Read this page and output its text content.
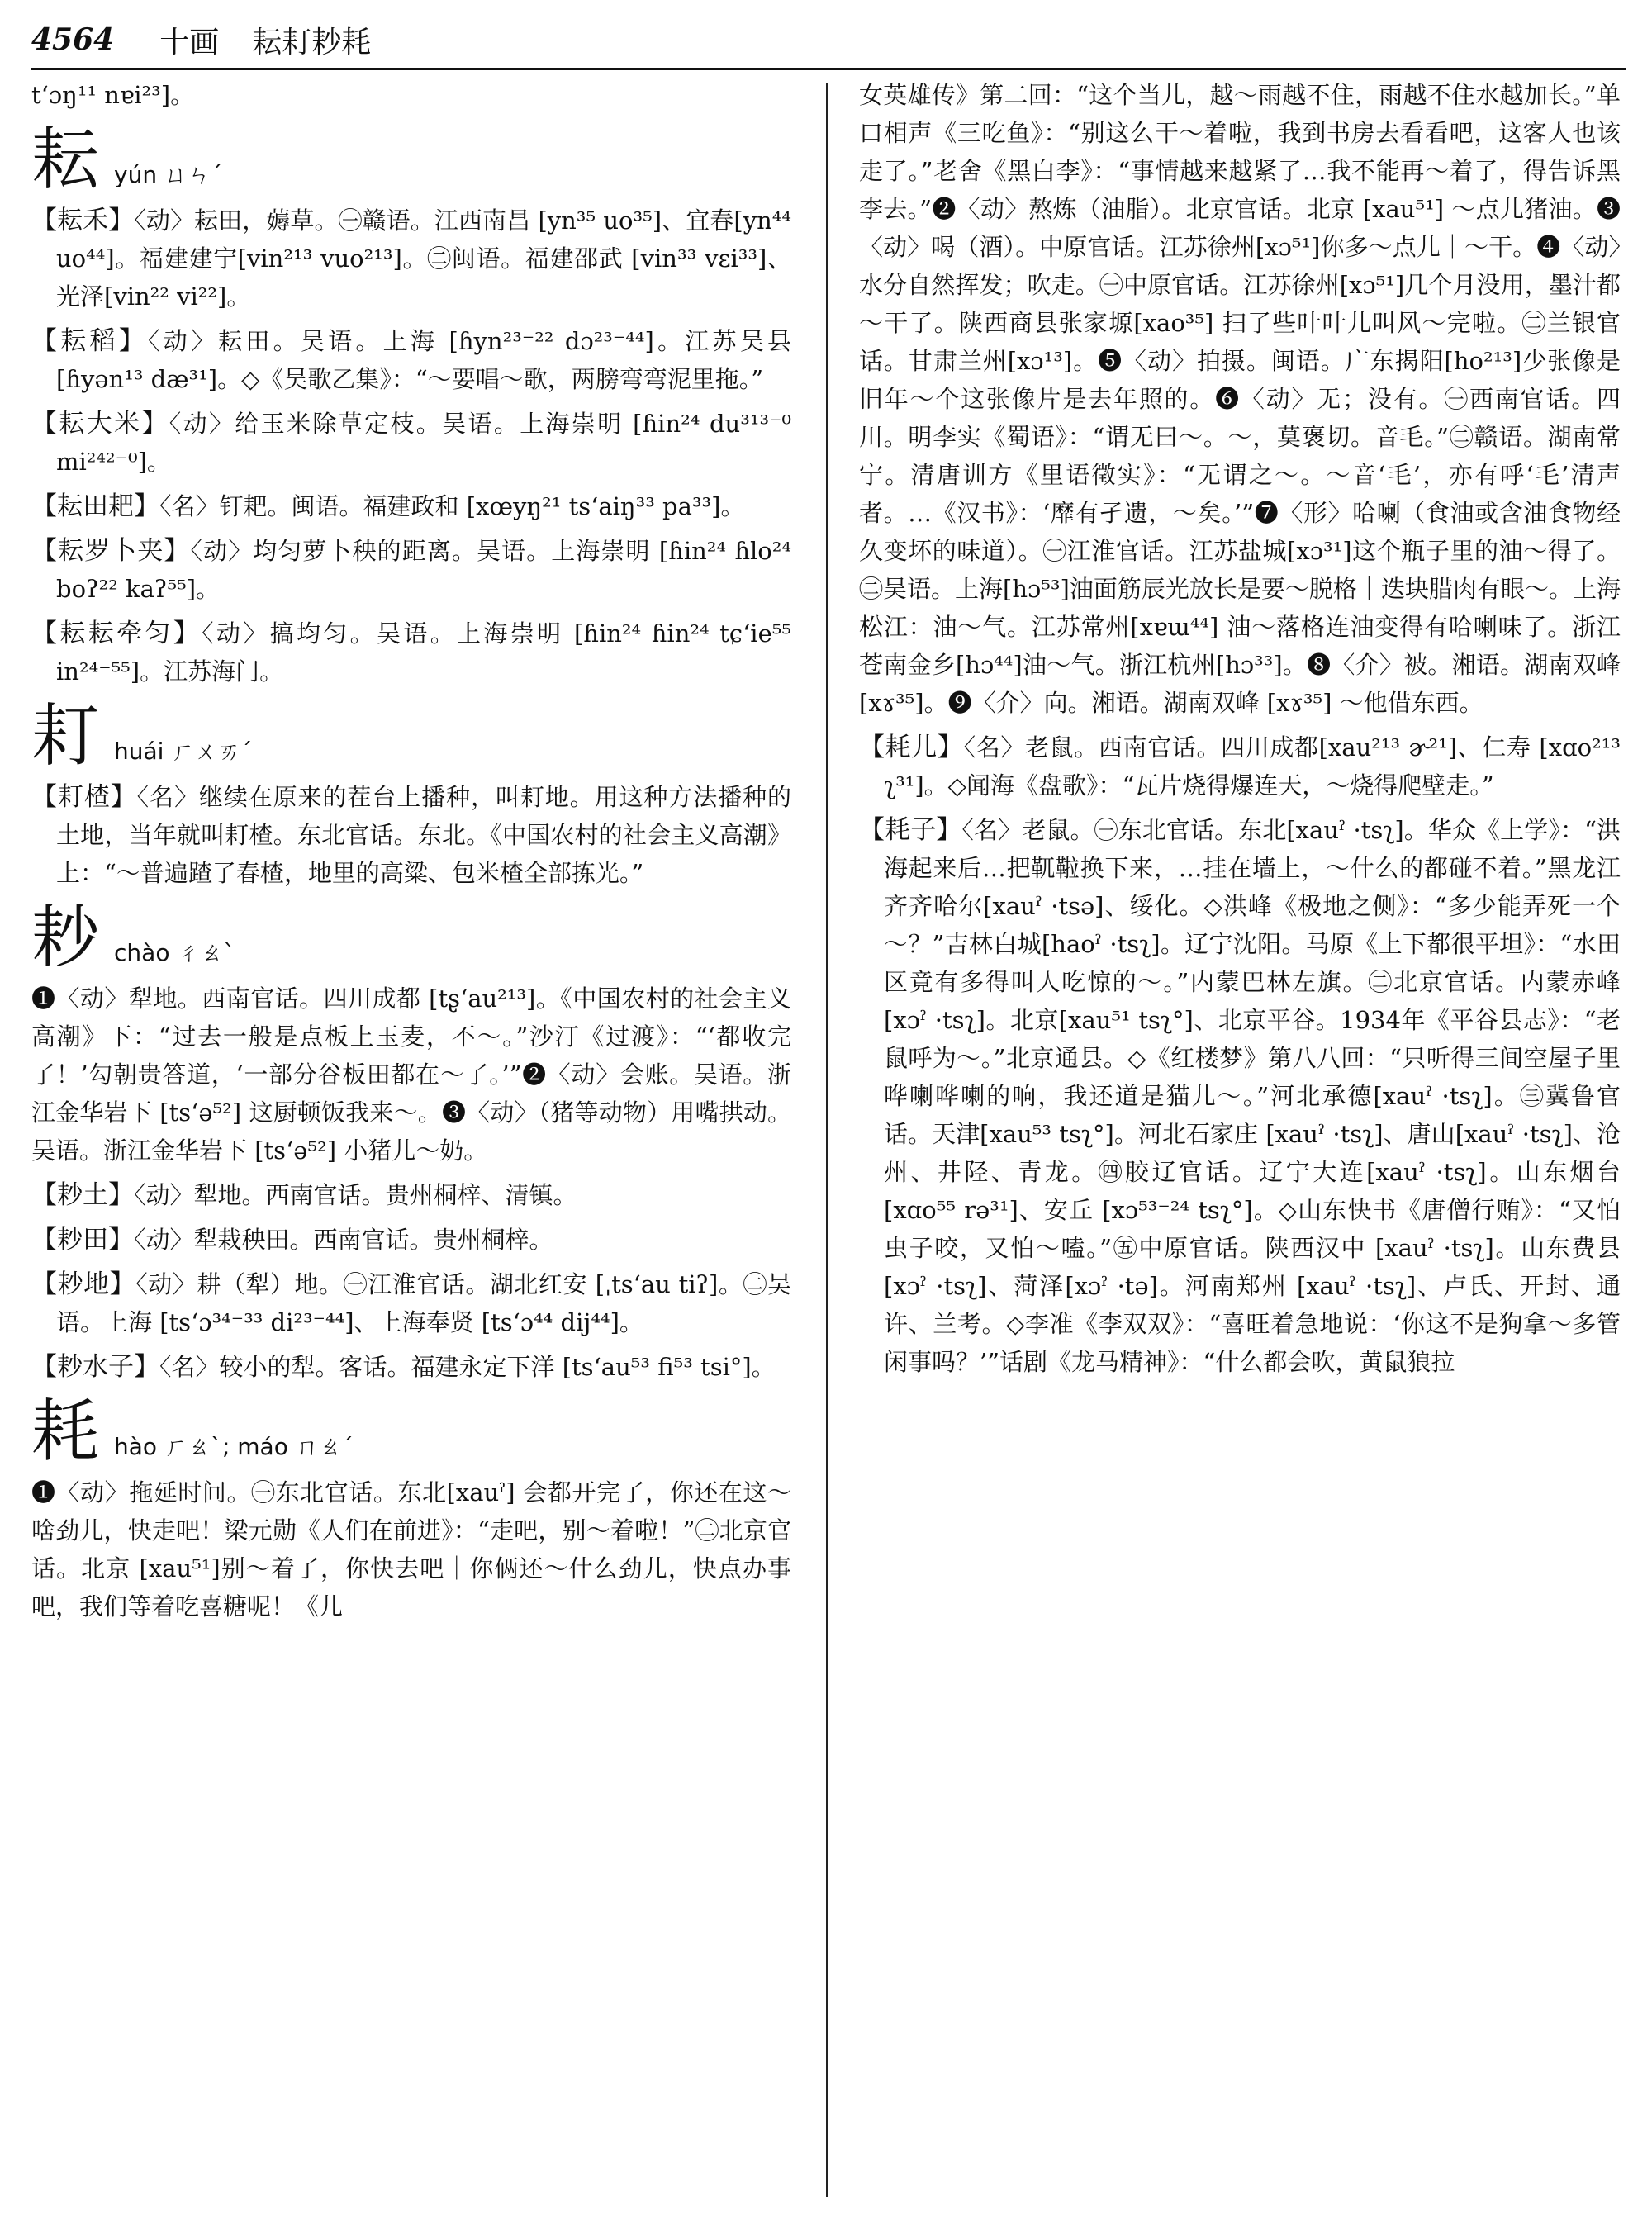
4564 十画 耘耓耖耗
t‘ɔŋ¹¹ nɐi²³]。
耘 yún ㄩㄣˊ
【耘禾】〈动〉耘田，薅草。㊀赣语。江西南昌 [yn³⁵ uo³⁵]、宜春[yn⁴⁴ uo⁴⁴]。福建建宁[vin²¹³ vuo²¹³]。㊁闽语。福建邵武 [vin³³ vɛi³³]、光泽[vin²² vi²²]。
【耘稻】〈动〉耘田。吴语。上海 [ɦyn²³⁻²² dɔ²³⁻⁴⁴]。江苏吴县[ɦyən¹³ dæ³¹]。◇《吴歌乙集》：“～要唱～歌，两膀弯弯泥里拖。”
【耘大米】〈动〉给玉米除草定枝。吴语。上海崇明 [ɦin²⁴ du³¹³⁻⁰ mi²⁴²⁻⁰]。
【耘田耙】〈名〉钉耙。闽语。福建政和 [xœyŋ²¹ ts‘aiŋ³³ pa³³]。
【耘罗卜夹】〈动〉均匀萝卜秧的距离。吴语。上海崇明 [ɦin²⁴ ɦlo²⁴ boʔ²² kaʔ⁵⁵]。
【耘耘牵匀】〈动〉搞均匀。吴语。上海崇明 [ɦin²⁴ ɦin²⁴ tɕ‘ie⁵⁵ in²⁴⁻⁵⁵]。江苏海门。
耓 huái ㄏㄨㄞˊ
【耓楂】〈名〉继续在原来的茬台上播种，叫耓地。用这种方法播种的土地，当年就叫耓楂。东北官话。东北。《中国农村的社会主义高潮》上：“～普遍蹅了春楂，地里的高粱、包米楂全部拣光。”
耖 chào ㄔㄠˋ
❶〈动〉犁地。西南官话。四川成都 [tʂ‘au²¹³]。《中国农村的社会主义高潮》下：“过去一般是点板上玉麦，不～。”沙汀《过渡》：“‘都收完了！’勾朝贵答道，‘一部分谷板田都在～了。’”❷〈动〉会账。吴语。浙江金华岩下 [ts‘ə⁵²] 这厨顿饭我来～。❸〈动〉（猪等动物）用嘴拱动。吴语。浙江金华岩下 [ts‘ə⁵²] 小猪儿～奶。
【耖土】〈动〉犁地。西南官话。贵州桐梓、清镇。
【耖田】〈动〉犁栽秧田。西南官话。贵州桐梓。
【耖地】〈动〉耕（犁）地。㊀江淮官话。湖北红安 [ˌts‘au tiʔ]。㊁吴语。上海 [ts‘ɔ³⁴⁻³³ di²³⁻⁴⁴]、上海奉贤 [ts‘ɔ⁴⁴ dij⁴⁴]。
【耖水子】〈名〉较小的犁。客话。福建永定下洋 [ts‘au⁵³ fi⁵³ tsi°]。
耗 hào ㄏㄠˋ; máo ㄇㄠˊ
❶〈动〉拖延时间。㊀东北官话。东北[xauˀ] 会都开完了，你还在这～啥劲儿，快走吧！梁元勋《人们在前进》：“走吧，别～着啦！”㊁北京官话。北京 [xau⁵¹]别～着了，你快去吧｜你俩还～什么劲儿，快点办事吧，我们等着吃喜糖呢！《儿
女英雄传》第二回：“这个当儿，越～雨越不住，雨越不住水越加长。”单口相声《三吃鱼》：“别这么干～着啦，我到书房去看看吧，这客人也该走了。”老舍《黑白李》：“事情越来越紧了…我不能再～着了，得告诉黑李去。”❷〈动〉熬炼（油脂）。北京官话。北京 [xau⁵¹] ～点儿猪油。❸〈动〉喝（酒）。中原官话。江苏徐州[xɔ⁵¹]你多～点儿｜～干。❹〈动〉水分自然挥发；吹走。㊀中原官话。江苏徐州[xɔ⁵¹]几个月没用，墨汁都～干了。陕西商县张家塬[xao³⁵] 扫了些叶叶儿叫风～完啦。㊁兰银官话。甘肃兰州[xɔ¹³]。❺〈动〉拍摄。闽语。广东揭阳[ho²¹³]少张像是旧年～个这张像片是去年照的。❻〈动〉无；没有。㊀西南官话。四川。明李实《蜀语》：“谓无曰～。～，莫褒切。音毛。”㊁赣语。湖南常宁。清唐训方《里语徵实》：“无谓之～。～音‘毛’，亦有呼‘毛’清声者。…《汉书》：‘靡有孑遗，～矣。’”❼〈形〉哈喇（食油或含油食物经久变坏的味道）。㊀江淮官话。江苏盐城[xɔ³¹]这个瓶子里的油～得了。㊁吴语。上海[hɔ⁵³]油面筋辰光放长是要～脱格｜迭块腊肉有眼～。上海松江：油～气。江苏常州[xɐɯ⁴⁴] 油～落格连油变得有哈喇味了。浙江苍南金乡[hɔ⁴⁴]油～气。浙江杭州[hɔ³³]。❽〈介〉被。湘语。湖南双峰[xɤ³⁵]。❾〈介〉向。湘语。湖南双峰 [xɤ³⁵] ～他借东西。
【耗儿】〈名〉老鼠。西南官话。四川成都[xau²¹³ ɚ²¹]、仁寿 [xɑo²¹³ ʅ³¹]。◇闻海《盘歌》：“瓦片烧得爆连天，～烧得爬壁走。”
【耗子】〈名〉老鼠。㊀东北官话。东北[xauˀ ·tsʅ]。华众《上学》：“洪海起来后…把靰鞡换下来，…挂在墙上，～什么的都碰不着。”黑龙江齐齐哈尔[xauˀ ·tsə]、绥化。◇洪峰《极地之侧》：“多少能弄死一个～？”吉林白城[haoˀ ·tsʅ]。辽宁沈阳。马原《上下都很平坦》：“水田区竟有多得叫人吃惊的～。”内蒙巴林左旗。㊁北京官话。内蒙赤峰[xɔˀ ·tsʅ]。北京[xau⁵¹ tsʅ°]、北京平谷。1934年《平谷县志》：“老鼠呼为～。”北京通县。◇《红楼梦》第八八回：“只听得三间空屋子里哗喇哗喇的响，我还道是猫儿～。”河北承德[xauˀ ·tsʅ]。㊂冀鲁官话。天津[xau⁵³ tsʅ°]。河北石家庄 [xauˀ ·tsʅ]、唐山[xauˀ ·tsʅ]、沧州、井陉、青龙。㊃胶辽官话。辽宁大连[xauˀ ·tsʅ]。山东烟台[xɑo⁵⁵ rə³¹]、安丘 [xɔ⁵³⁻²⁴ tsʅ°]。◇山东快书《唐僧行贿》：“又怕虫子咬，又怕～嗑。”㊄中原官话。陕西汉中 [xauˀ ·tsʅ]。山东费县[xɔˀ ·tsʅ]、菏泽[xɔˀ ·tə]。河南郑州 [xauˀ ·tsʅ]、卢氏、开封、通许、兰考。◇李准《李双双》：“喜旺着急地说：‘你这不是狗拿～多管闲事吗？’”话剧《龙马精神》：“什么都会吹，黄鼠狼拉
